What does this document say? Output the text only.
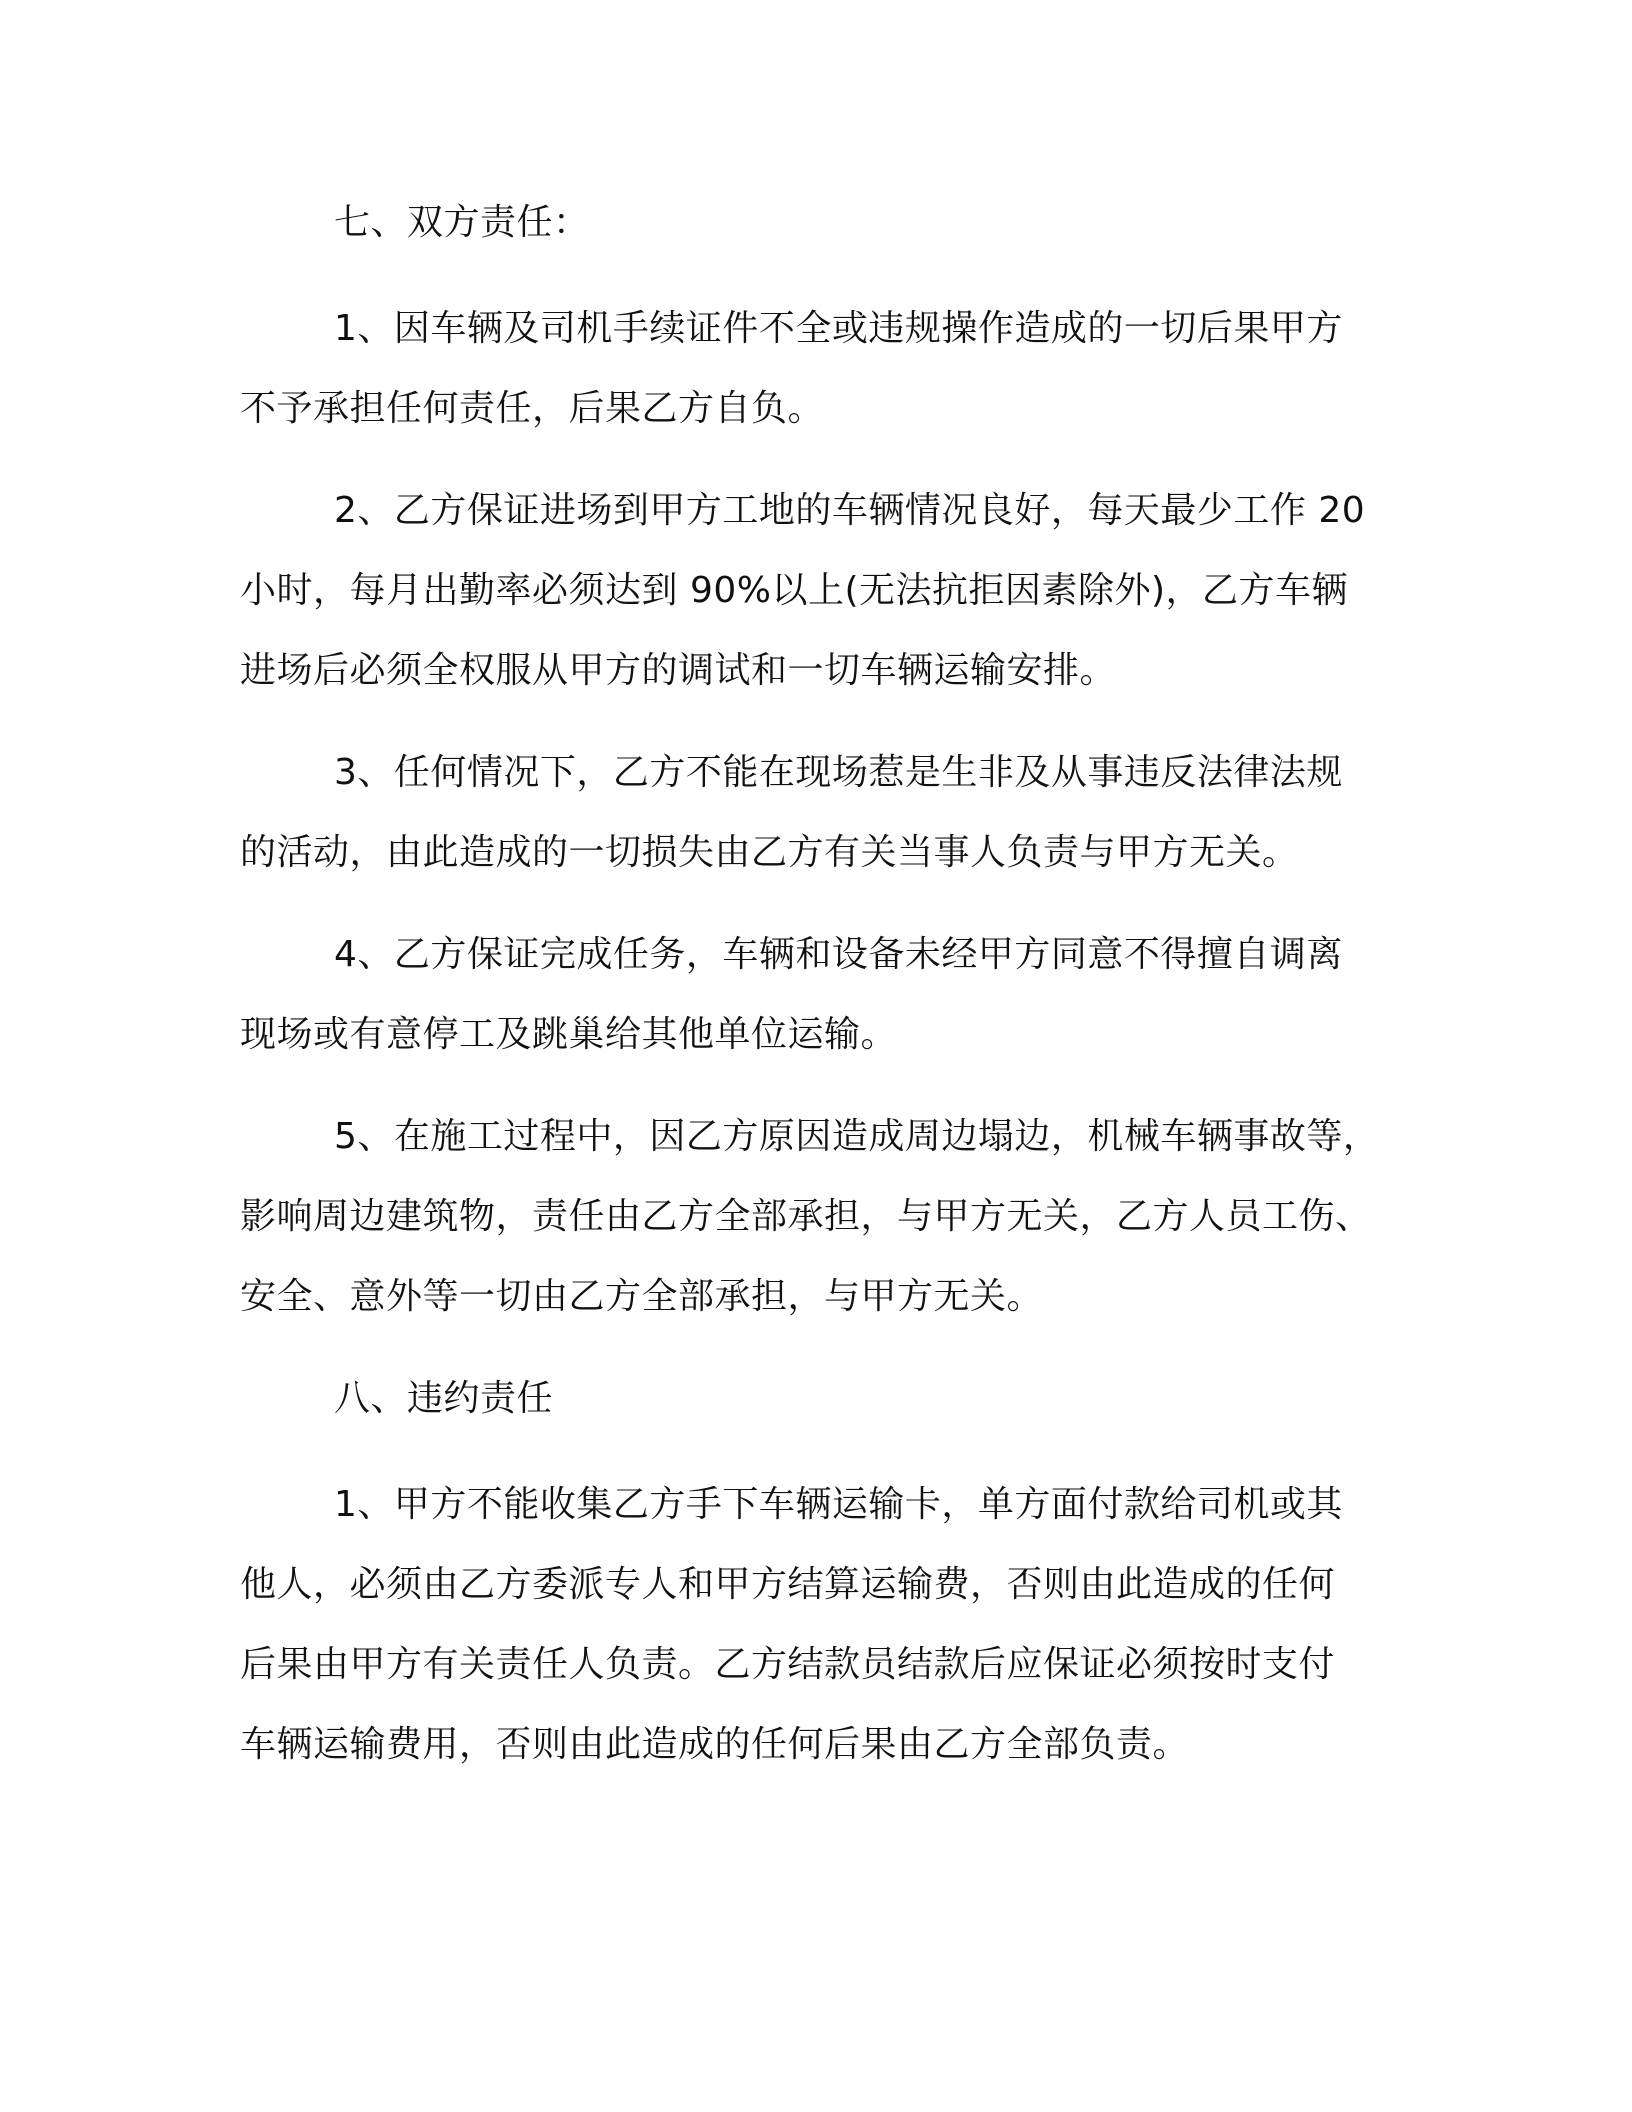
七、双方责任：
1、因车辆及司机手续证件不全或违规操作造成的一切后果甲方
不予承担任何责任，后果乙方自负。
2、乙方保证进场到甲方工地的车辆情况良好，每天最少工作 20
小时，每月出勤率必须达到 90%以上(无法抗拒因素除外)，乙方车辆
进场后必须全权服从甲方的调试和一切车辆运输安排。
3、任何情况下，乙方不能在现场惹是生非及从事违反法律法规
的活动，由此造成的一切损失由乙方有关当事人负责与甲方无关。
4、乙方保证完成任务，车辆和设备未经甲方同意不得擅自调离
现场或有意停工及跳巢给其他单位运输。
5、在施工过程中，因乙方原因造成周边塌边，机械车辆事故等，
影响周边建筑物，责任由乙方全部承担，与甲方无关，乙方人员工伤、
安全、意外等一切由乙方全部承担，与甲方无关。
八、违约责任
1、甲方不能收集乙方手下车辆运输卡，单方面付款给司机或其
他人，必须由乙方委派专人和甲方结算运输费，否则由此造成的任何
后果由甲方有关责任人负责。乙方结款员结款后应保证必须按时支付
车辆运输费用，否则由此造成的任何后果由乙方全部负责。
